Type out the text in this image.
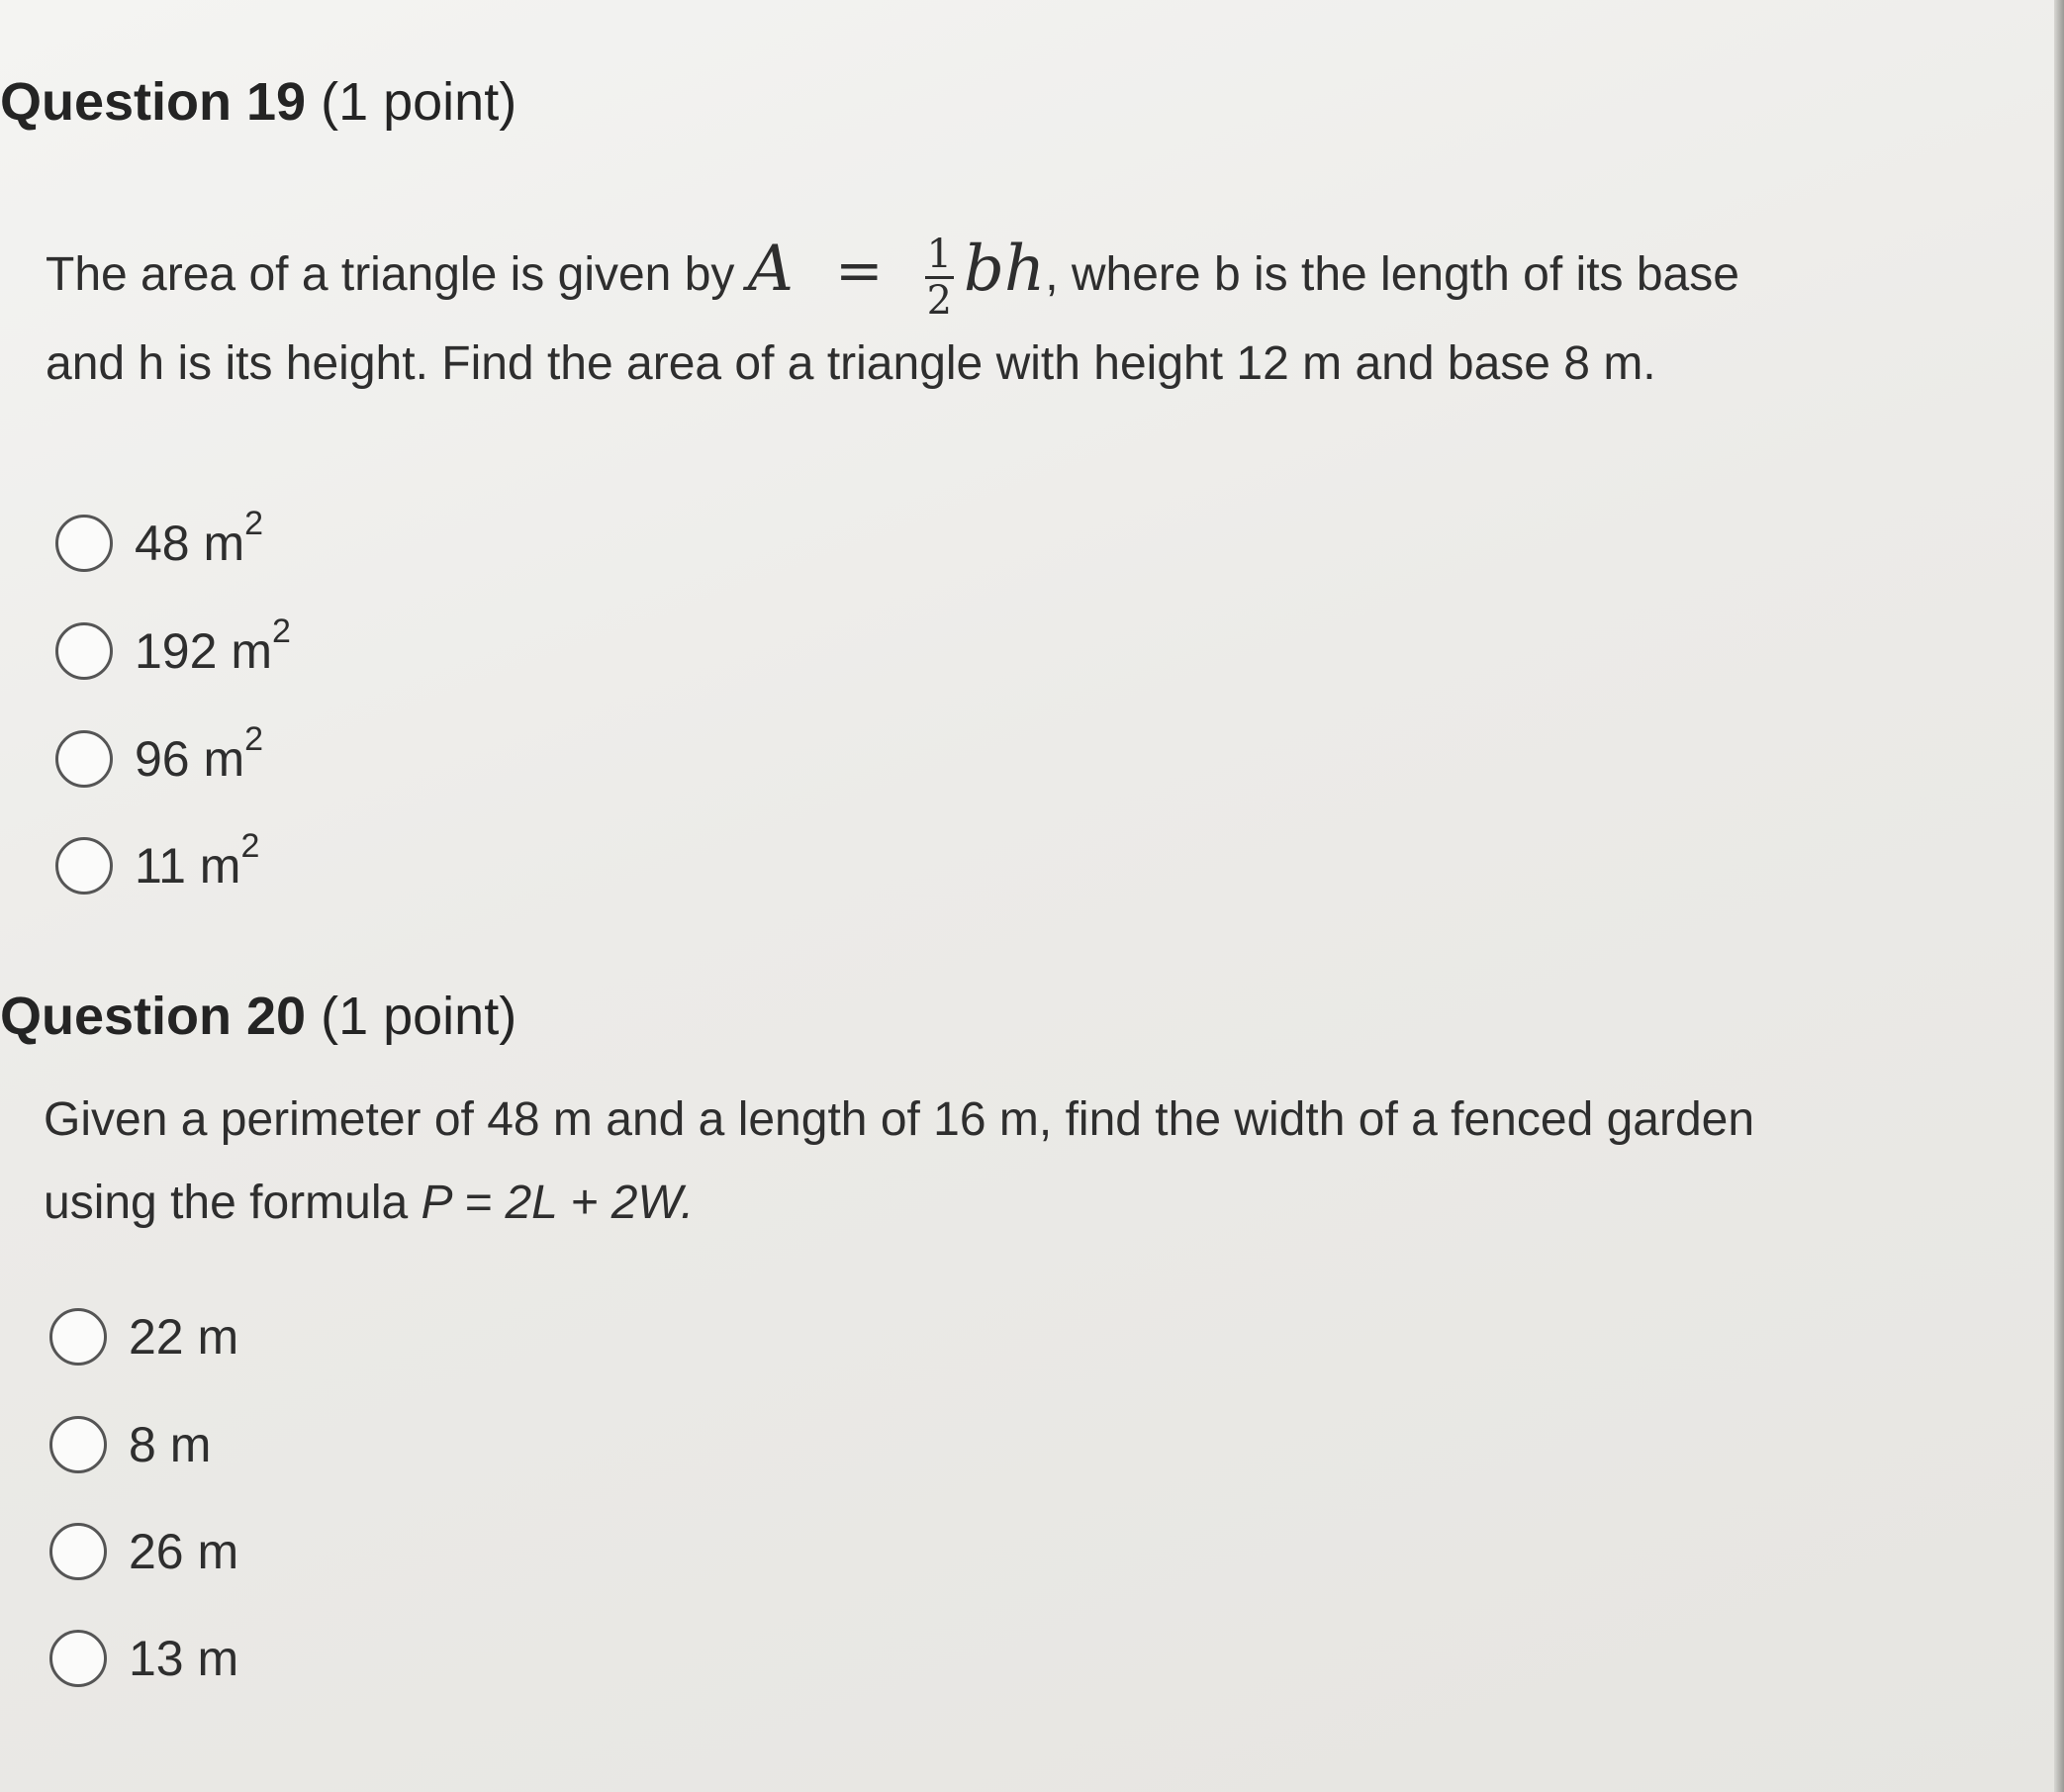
Question 19 (1 point)
The area of a triangle is given by $A = \frac{1}{2}$ bh, where b is the length of its base
and h is its height. Find the area of a triangle with height 12 m and base 8 m.
48 $m^2$
192 $m^2$
96 $m^2$
11 $m^2$
Question 20 (1 point)
Given a perimeter of 48 m and a length of 16 m, find the width of a fenced garden
using the formula P = 2L + 2W.
22 m
8 m
26 m
13 m
